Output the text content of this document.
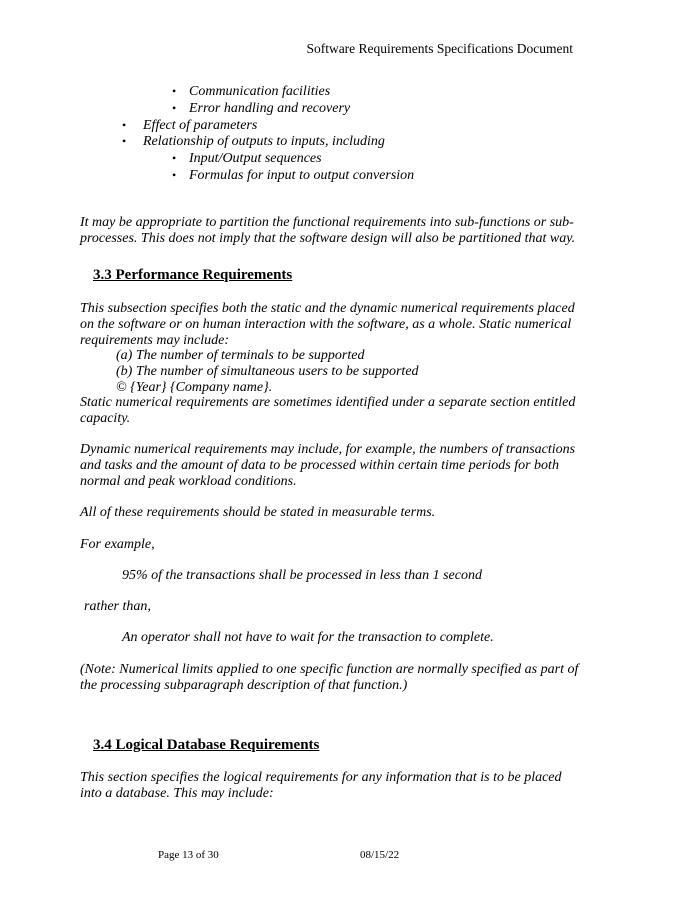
Software Requirements Specifications Document
• Communication facilities
• Error handling and recovery
• Effect of parameters
• Relationship of outputs to inputs, including
• Input/Output sequences
• Formulas for input to output conversion
It may be appropriate to partition the functional requirements into sub-functions or sub-
processes. This does not imply that the software design will also be partitioned that way.
3.3 Performance Requirements
This subsection specifies both the static and the dynamic numerical requirements placed
on the software or on human interaction with the software, as a whole. Static numerical
requirements may include:
(a) The number of terminals to be supported
(b) The number of simultaneous users to be supported
© {Year} {Company name}.
Static numerical requirements are sometimes identified under a separate section entitled
capacity.
Dynamic numerical requirements may include, for example, the numbers of transactions
and tasks and the amount of data to be processed within certain time periods for both
normal and peak workload conditions.
All of these requirements should be stated in measurable terms.
For example,
95% of the transactions shall be processed in less than 1 second
rather than,
An operator shall not have to wait for the transaction to complete.
(Note: Numerical limits applied to one specific function are normally specified as part of
the processing subparagraph description of that function.)
3.4 Logical Database Requirements
This section specifies the logical requirements for any information that is to be placed
into a database. This may include:
Page 13 of 30	08/15/22
